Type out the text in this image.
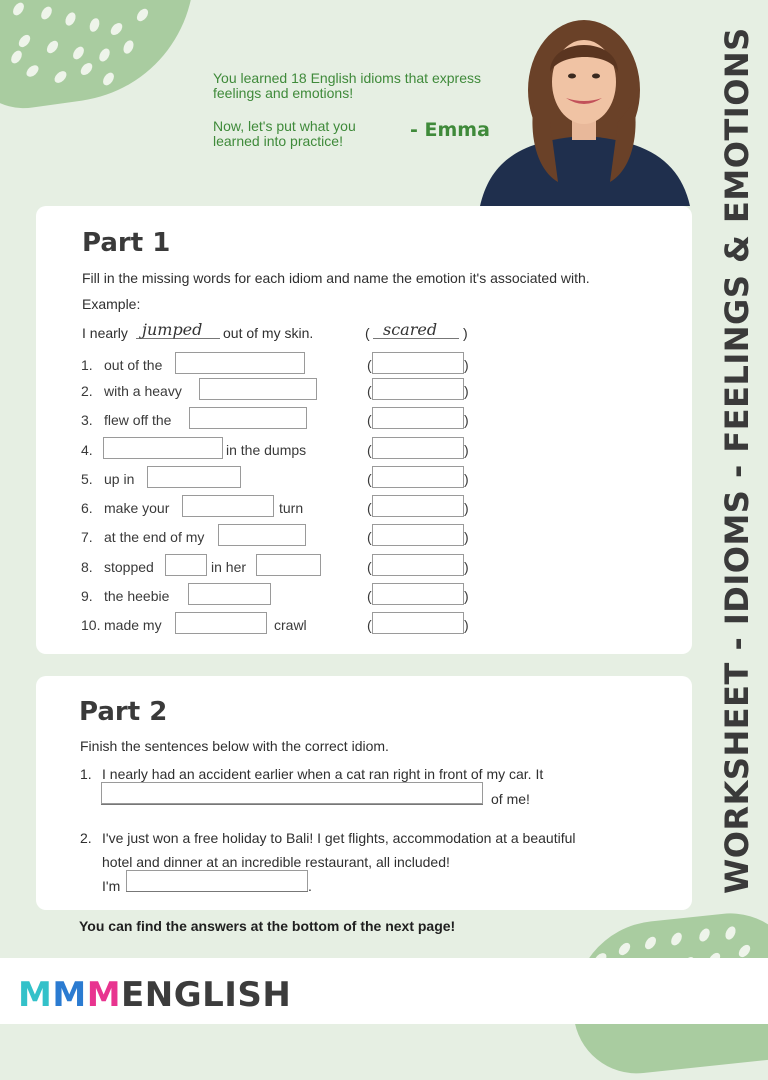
You learned 18 English idioms that express
feelings and emotions!
Now, let's put what you
learned into practice!	- Emma	WORKSHEET - IDIOMS - FEELINGS & EMOTIONS
Part 1
Fill in the missing words for each idiom and name the emotion it's associated with.
Example:
I nearly jumped out of my skin.	( scared )
1. out of the	(	)
2. with a heavy	(	)
3. flew off the	(	)
4.	in the dumps	(	)
5. up in	(	)
6. make your	turn	(	)
7. at the end of my	(	)
8. stopped	in her	(	)
9. the heebie	(	)
10. made my	crawl	(	)
Part 2
Finish the sentences below with the correct idiom.
1. I nearly had an accident earlier when a cat ran right in front of my car. It
of me!
2. I've just won a free holiday to Bali! I get flights, accommodation at a beautiful
hotel and dinner at an incredible restaurant, all included!
I'm	.
You can find the answers at the bottom of the next page!
MMMENGLISH
